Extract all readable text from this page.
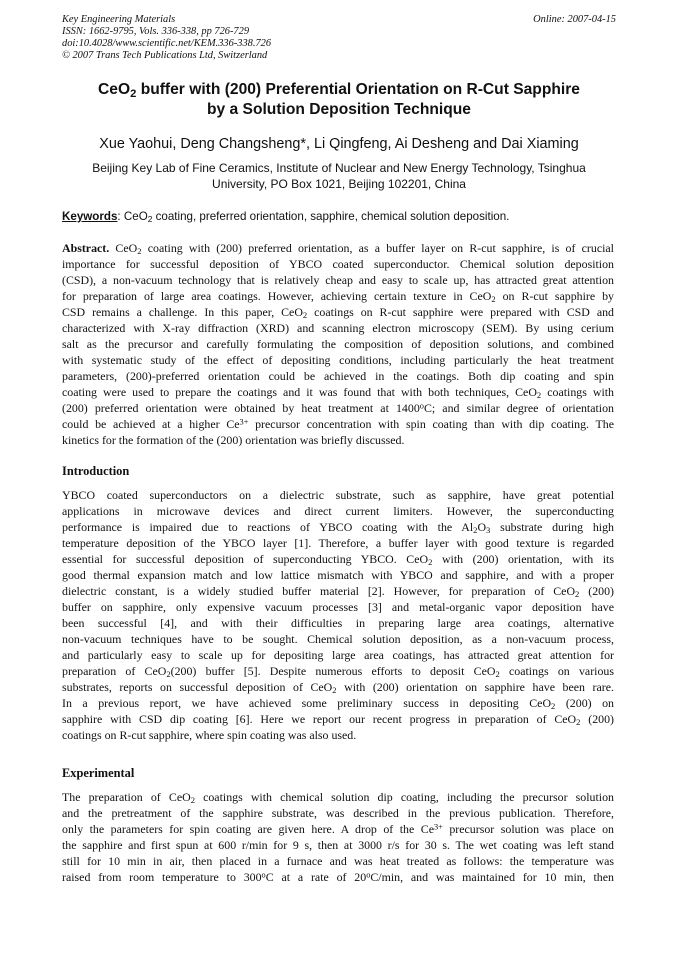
Key Engineering Materials
ISSN: 1662-9795, Vols. 336-338, pp 726-729
doi:10.4028/www.scientific.net/KEM.336-338.726
© 2007 Trans Tech Publications Ltd, Switzerland
Online: 2007-04-15
CeO$_2$ buffer with (200) Preferential Orientation on R-Cut Sapphire
by a Solution Deposition Technique
Xue Yaohui, Deng Changsheng*, Li Qingfeng, Ai Desheng and Dai Xiaming
Beijing Key Lab of Fine Ceramics, Institute of Nuclear and New Energy Technology, Tsinghua
University, PO Box 1021, Beijing 102201, China
Keywords: CeO$_2$ coating, preferred orientation, sapphire, chemical solution deposition.
Abstract. CeO$_2$ coating with (200) preferred orientation, as a buffer layer on R-cut sapphire, is of crucial
importance for successful deposition of YBCO coated superconductor. Chemical solution deposition
(CSD), a non-vacuum technology that is relatively cheap and easy to scale up, has attracted great attention
for preparation of large area coatings. However, achieving certain texture in CeO$_2$ on R-cut sapphire by
CSD remains a challenge. In this paper, CeO$_2$ coatings on R-cut sapphire were prepared with CSD and
characterized with X-ray diffraction (XRD) and scanning electron microscopy (SEM). By using cerium
salt as the precursor and carefully formulating the composition of deposition solutions, and combined
with systematic study of the effect of depositing conditions, including particularly the heat treatment
parameters, (200)-preferred orientation could be achieved in the coatings. Both dip coating and spin
coating were used to prepare the coatings and it was found that with both techniques, CeO$_2$ coatings with
(200) preferred orientation were obtained by heat treatment at 1400$^o$C; and similar degree of orientation
could be achieved at a higher $Ce^{3+}$ precursor concentration with spin coating than with dip coating. The
kinetics for the formation of the (200) orientation was briefly discussed.
Introduction
YBCO coated superconductors on a dielectric substrate, such as sapphire, have great potential
applications in microwave devices and direct current limiters. However, the superconducting
performance is impaired due to reactions of YBCO coating with the $Al_2O_3$ substrate during high
temperature deposition of the YBCO layer [1]. Therefore, a buffer layer with good texture is regarded
essential for successful deposition of superconducting YBCO. CeO$_2$ with (200) orientation, with its
good thermal expansion match and low lattice mismatch with YBCO and sapphire, and with a proper
dielectric constant, is a widely studied buffer material [2]. However, for preparation of CeO$_2$ (200)
buffer on sapphire, only expensive vacuum processes [3] and metal-organic vapor deposition have
been successful [4], and with their difficulties in preparing large area coatings, alternative
non-vacuum techniques have to be sought. Chemical solution deposition, as a non-vacuum process,
and particularly easy to scale up for depositing large area coatings, has attracted great attention for
preparation of CeO$_2$(200) buffer [5]. Despite numerous efforts to deposit CeO$_2$ coatings on various
substrates, reports on successful deposition of CeO$_2$ with (200) orientation on sapphire have been rare.
In a previous report, we have achieved some preliminary success in depositing CeO$_2$ (200) on
sapphire with CSD dip coating [6]. Here we report our recent progress in preparation of CeO$_2$ (200)
coatings on R-cut sapphire, where spin coating was also used.
Experimental
The preparation of CeO$_2$ coatings with chemical solution dip coating, including the precursor solution
and the pretreatment of the sapphire substrate, was described in the previous publication. Therefore,
only the parameters for spin coating are given here. A drop of the $Ce^{3+}$ precursor solution was place on
the sapphire and first spun at 600 r/min for 9 s, then at 3000 r/s for 30 s. The wet coating was left stand
still for 10 min in air, then placed in a furnace and was heat treated as follows: the temperature was
raised from room temperature to 300$^o$C at a rate of 20$^o$C/min, and was maintained for 10 min, then
